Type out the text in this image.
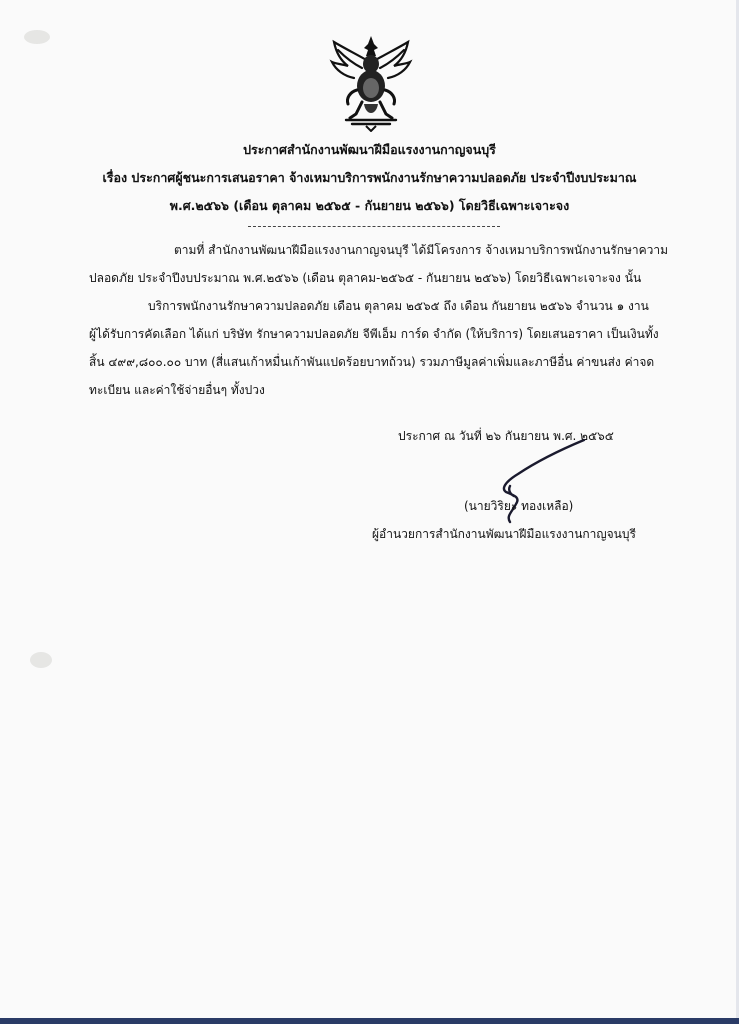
ประกาศสำนักงานพัฒนาฝีมือแรงงานกาญจนบุรี
เรื่อง ประกาศผู้ชนะการเสนอราคา จ้างเหมาบริการพนักงานรักษาความปลอดภัย ประจำปีงบประมาณ
พ.ศ.๒๕๖๖ (เดือน ตุลาคม ๒๕๖๕ - กันยายน ๒๕๖๖) โดยวิธีเฉพาะเจาะจง
ตามที่ สำนักงานพัฒนาฝีมือแรงงานกาญจนบุรี ได้มีโครงการ จ้างเหมาบริการพนักงานรักษาความ
ปลอดภัย ประจำปีงบประมาณ พ.ศ.๒๕๖๖ (เดือน ตุลาคม-๒๕๖๕ - กันยายน ๒๕๖๖) โดยวิธีเฉพาะเจาะจง นั้น
บริการพนักงานรักษาความปลอดภัย เดือน ตุลาคม ๒๕๖๕ ถึง เดือน กันยายน ๒๕๖๖ จำนวน ๑ งาน
ผู้ได้รับการคัดเลือก ได้แก่ บริษัท รักษาความปลอดภัย จีพีเอ็ม การ์ด จำกัด (ให้บริการ) โดยเสนอราคา เป็นเงินทั้ง
สิ้น ๔๙๙,๘๐๐.๐๐ บาท (สี่แสนเก้าหมื่นเก้าพันแปดร้อยบาทถ้วน) รวมภาษีมูลค่าเพิ่มและภาษีอื่น ค่าขนส่ง ค่าจด
ทะเบียน และค่าใช้จ่ายอื่นๆ ทั้งปวง
ประกาศ ณ วันที่ ๒๖ กันยายน พ.ศ. ๒๕๖๕
(นายวิริยะ ทองเหลือ)
ผู้อำนวยการสำนักงานพัฒนาฝีมือแรงงานกาญจนบุรี
